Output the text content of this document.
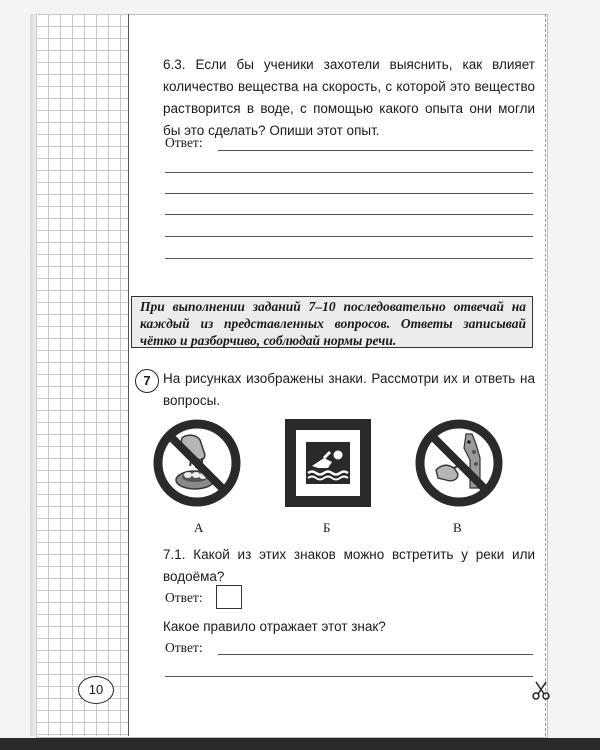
6.3. Если бы ученики захотели выяснить, как влияет количество вещества на скорость, с которой это вещество растворится в воде, с помощью какого опыта они могли бы это сделать? Опиши этот опыт.
Ответ:
При выполнении заданий 7–10 последовательно отвечай на каждый из представленных вопросов. Ответы записывай чётко и разборчиво, соблюдай нормы речи.
7 На рисунках изображены знаки. Рассмотри их и ответь на вопросы.
А	Б	В
7.1. Какой из этих знаков можно встретить у реки или водоёма?
Ответ:
Какое правило отражает этот знак?
Ответ:
10
